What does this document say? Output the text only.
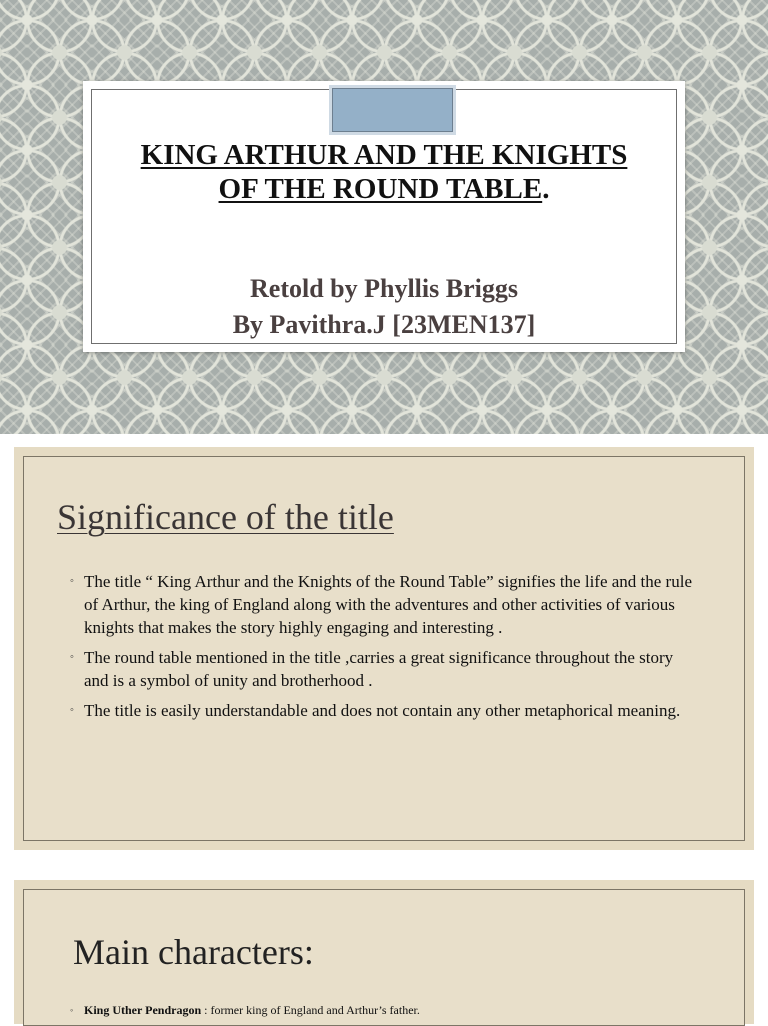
KING ARTHUR AND THE KNIGHTS
OF THE ROUND TABLE.

Retold by Phyllis Briggs

By Pavithra.J [23MEN137]

Significance of the title
◦ The title “ King Arthur and the Knights of the Round Table” signifies the life and the rule of Arthur, the king of England along with the adventures and other activities of various knights that makes the story highly engaging and interesting .
◦ The round table mentioned in the title ,carries a great significance throughout the story and is a symbol of unity and brotherhood .
◦ The title is easily understandable and does not contain any other metaphorical meaning.
Main characters:
◦ King Uther Pendragon : former king of England and Arthur’s father.
